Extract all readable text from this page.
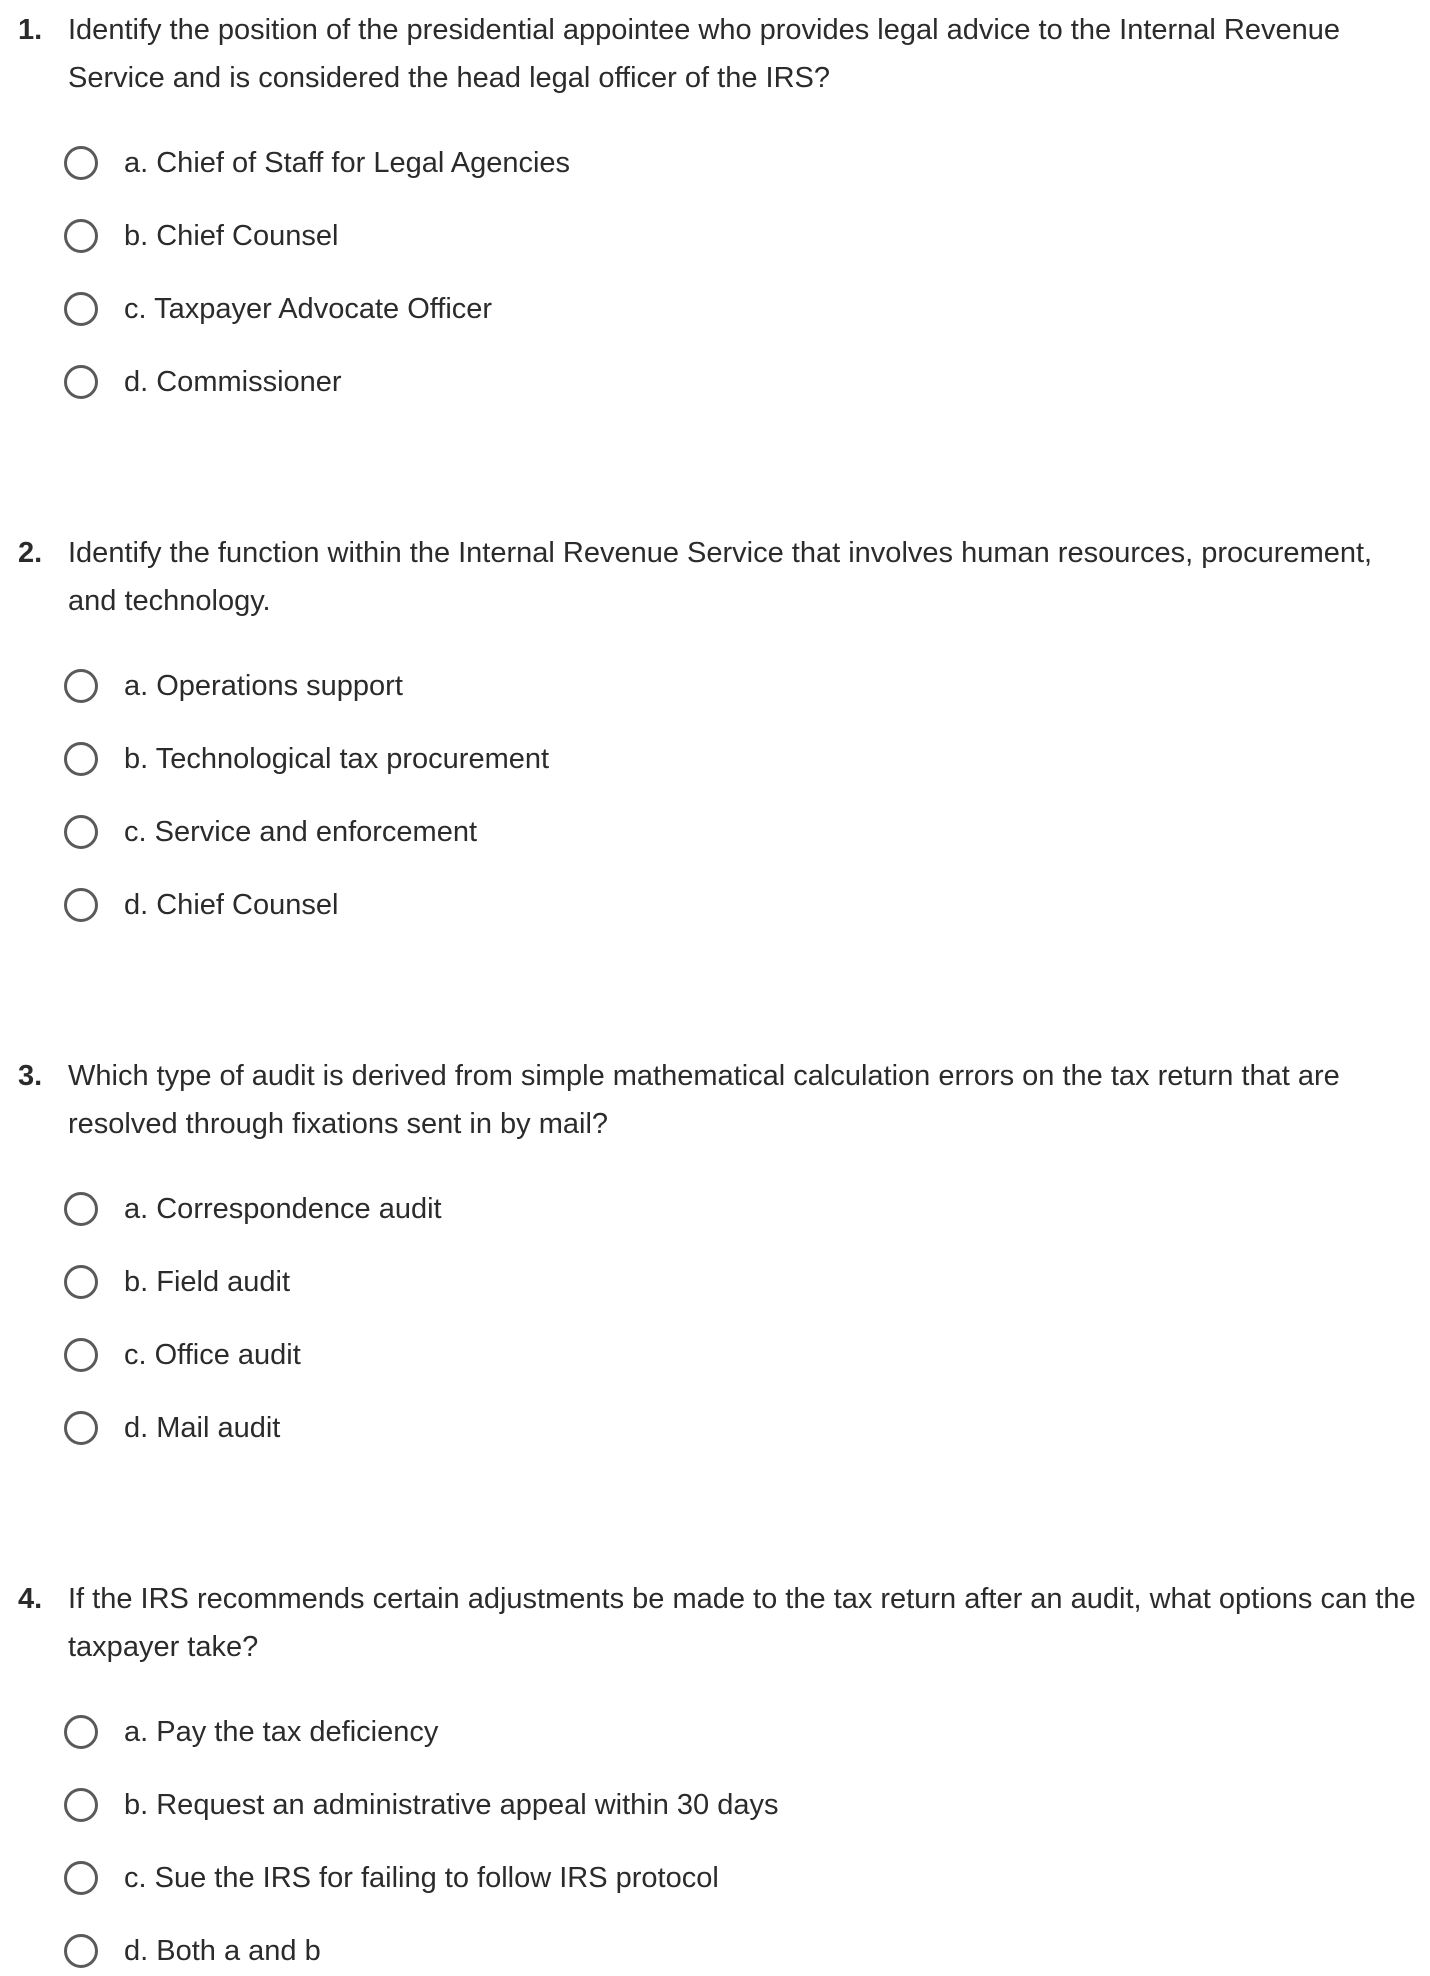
1. Identify the position of the presidential appointee who provides legal advice to the Internal Revenue Service and is considered the head legal officer of the IRS?
a. Chief of Staff for Legal Agencies
b. Chief Counsel
c. Taxpayer Advocate Officer
d. Commissioner
2. Identify the function within the Internal Revenue Service that involves human resources, procurement, and technology.
a. Operations support
b. Technological tax procurement
c. Service and enforcement
d. Chief Counsel
3. Which type of audit is derived from simple mathematical calculation errors on the tax return that are resolved through fixations sent in by mail?
a. Correspondence audit
b. Field audit
c. Office audit
d. Mail audit
4. If the IRS recommends certain adjustments be made to the tax return after an audit, what options can the taxpayer take?
a. Pay the tax deficiency
b. Request an administrative appeal within 30 days
c. Sue the IRS for failing to follow IRS protocol
d. Both a and b
